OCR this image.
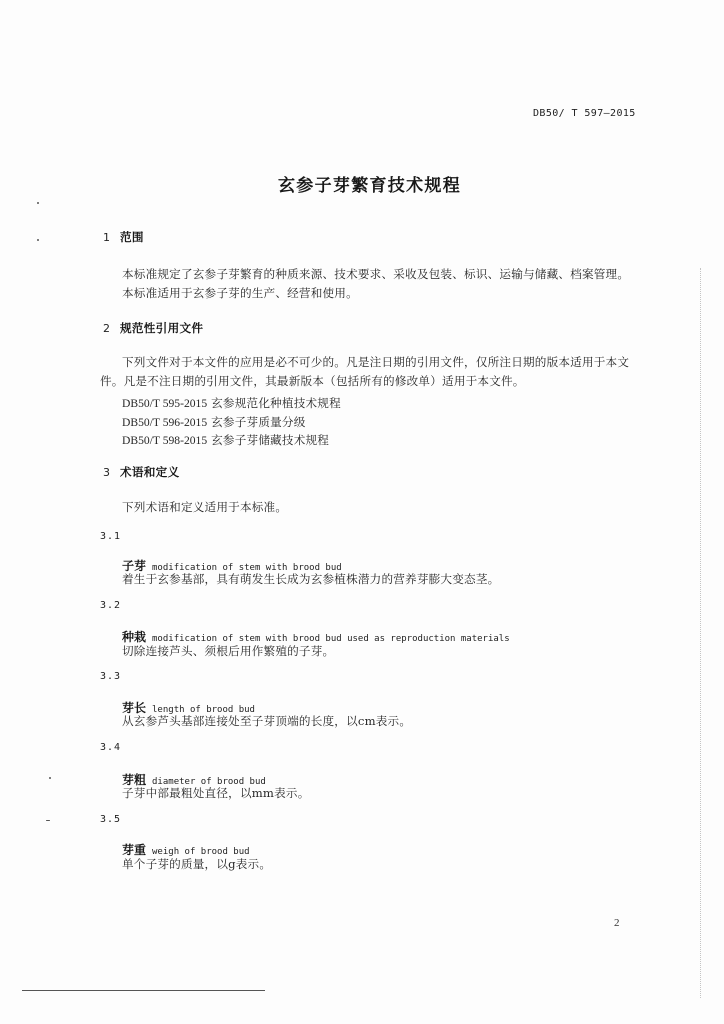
DB50/ T 597—2015
玄参子芽繁育技术规程
1 范围
本标准规定了玄参子芽繁育的种质来源、技术要求、采收及包装、标识、运输与储藏、档案管理。
本标准适用于玄参子芽的生产、经营和使用。
2 规范性引用文件
下列文件对于本文件的应用是必不可少的。凡是注日期的引用文件，仅所注日期的版本适用于本文
件。凡是不注日期的引用文件，其最新版本（包括所有的修改单）适用于本文件。
DB50/T 595-2015 玄参规范化种植技术规程
DB50/T 596-2015 玄参子芽质量分级
DB50/T 598-2015 玄参子芽储藏技术规程
3 术语和定义
下列术语和定义适用于本标准。
3.1
子芽 modification of stem with brood bud
着生于玄参基部，具有萌发生长成为玄参植株潜力的营养芽膨大变态茎。
3.2
种栽 modification of stem with brood bud used as reproduction materials
切除连接芦头、须根后用作繁殖的子芽。
3.3
芽长 length of brood bud
从玄参芦头基部连接处至子芽顶端的长度，以cm表示。
3.4
芽粗 diameter of brood bud
子芽中部最粗处直径，以mm表示。
3.5
芽重 weigh of brood bud
单个子芽的质量，以g表示。
2
